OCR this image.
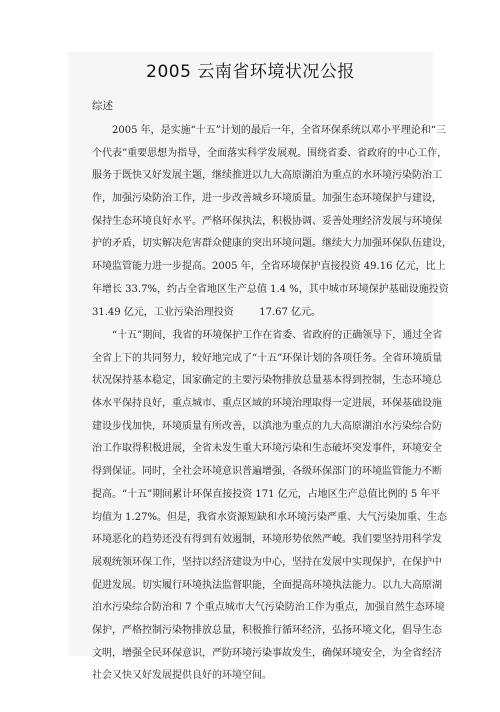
2005 云南省环境状况公报
综述
2005 年，是实施“十五”计划的最后一年，全省环保系统以邓小平理论和“三
个代表”重要思想为指导，全面落实科学发展观。围绕省委、省政府的中心工作，
服务于既快又好发展主题，继续推进以九大高原湖泊为重点的水环境污染防治工
作，加强污染防治工作，进一步改善城乡环境质量。加强生态环境保护与建设，
保持生态环境良好水平。严格环保执法，积极协调、妥善处理经济发展与环境保
护的矛盾，切实解决危害群众健康的突出环境问题。继续大力加强环保队伍建设，
环境监管能力进一步提高。2005 年，全省环境保护直接投资 49.16 亿元，比上
年增长 33.7%，约占全省地区生产总值 1.4 %，其中城市环境保护基础设施投资
31.49 亿元，工业污染治理投资        17.67 亿元。
“十五”期间，我省的环境保护工作在省委、省政府的正确领导下，通过全省
全省上下的共同努力，较好地完成了“十五”环保计划的各项任务。全省环境质量
状况保持基本稳定，国家确定的主要污染物排放总量基本得到控制，生态环境总
体水平保持良好，重点城市、重点区域的环境治理取得一定进展，环保基础设施
建设步伐加快，环境质量有所改善，以滇池为重点的九大高原湖泊水污染综合防
治工作取得积极进展，全省未发生重大环境污染和生态破坏突发事件，环境安全
得到保证。同时，全社会环境意识普遍增强，各级环保部门的环境监管能力不断
提高。“十五”期间累计环保直接投资 171 亿元，占地区生产总值比例的 5 年平
均值为 1.27%。但是，我省水资源短缺和水环境污染严重、大气污染加重、生态
环境恶化的趋势还没有得到有效遏制，环境形势依然严峻。我们要坚持用科学发
展观统领环保工作，坚持以经济建设为中心，坚持在发展中实现保护，在保护中
促进发展。切实履行环境执法监督职能，全面提高环境执法能力。以九大高原湖
泊水污染综合防治和 7 个重点城市大气污染防治工作为重点，加强自然生态环境
保护，严格控制污染物排放总量，积极推行循环经济，弘扬环境文化，倡导生态
文明，增强全民环保意识，严防环境污染事故发生，确保环境安全，为全省经济
社会又快又好发展提供良好的环境空间。
